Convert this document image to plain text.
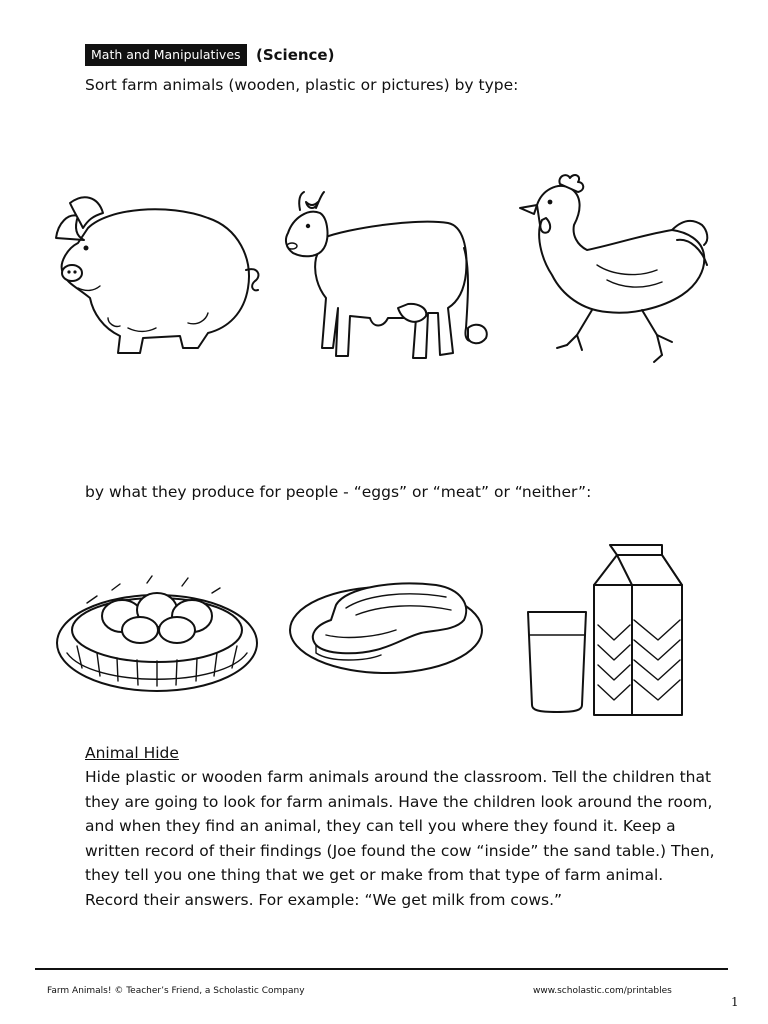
Math and Manipulatives	(Science)
Sort farm animals (wooden, plastic or pictures) by type:
by what they produce for people - “eggs” or “meat” or “neither”:
Animal Hide
Hide plastic or wooden farm animals around the classroom. Tell the children that they are going to look for farm animals. Have the children look around the room, and when they find an animal, they can tell you where they found it. Keep a written record of their findings (Joe found the cow “inside” the sand table.) Then, they tell you one thing that we get or make from that type of farm animal. Record their answers. For example: “We get milk from cows.”
Farm Animals! © Teacher’s Friend, a Scholastic Company	www.scholastic.com/printables
1
